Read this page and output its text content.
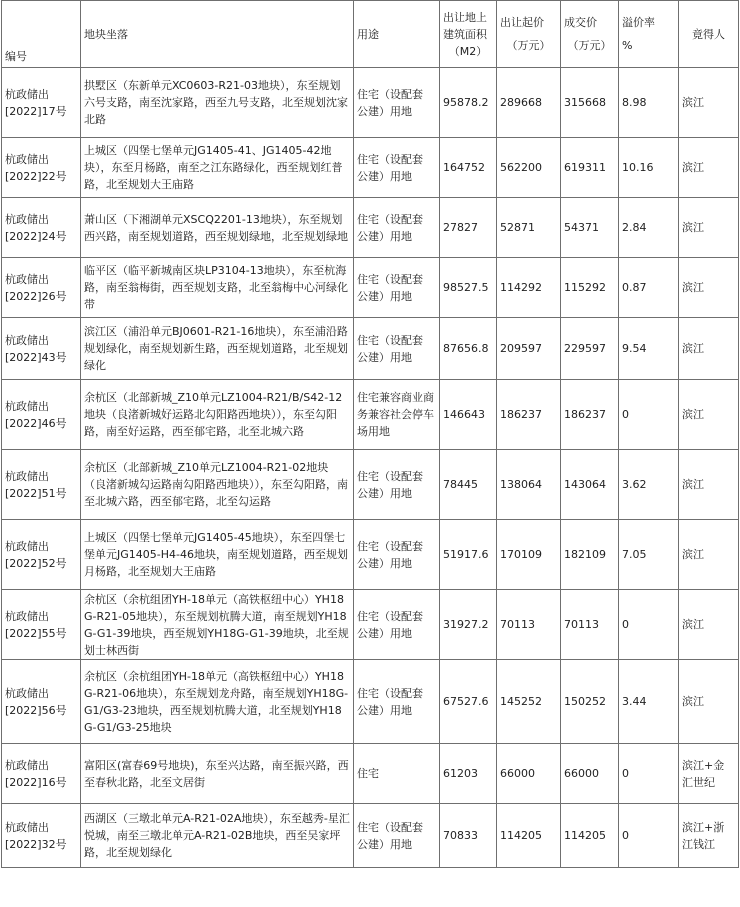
编号	地块坐落	用途	出让地上
建筑面积
（M2）	出让起价
（万元）	成交价
（万元）	溢价率
%	竟得人

杭政储出
[2022]17号	拱墅区（东新单元XC0603-R21-03地块），东至规划六号支路，南至沈家路，西至九号支路，北至规划沈家北路	住宅（设配套
公建）用地	95878.2	289668	315668	8.98	滨江

杭政储出
[2022]22号	上城区（四堡七堡单元JG1405-41、JG1405-42地块），东至月杨路，南至之江东路绿化，西至规划红普路，北至规划大王庙路	住宅（设配套
公建）用地	164752	562200	619311	10.16	滨江

杭政储出
[2022]24号	萧山区（下湘湖单元XSCQ2201-13地块），东至规划西兴路，南至规划道路，西至规划绿地，北至规划绿地	住宅（设配套
公建）用地	27827	52871	54371	2.84	滨江

杭政储出
[2022]26号	临平区（临平新城南区块LP3104-13地块），东至杭海路，南至翁梅街，西至规划支路，北至翁梅中心河绿化带	住宅（设配套
公建）用地	98527.5	114292	115292	0.87	滨江

杭政储出
[2022]43号	滨江区（浦沿单元BJ0601-R21-16地块），东至浦沿路规划绿化，南至规划新生路，西至规划道路，北至规划绿化	住宅（设配套
公建）用地	87656.8	209597	229597	9.54	滨江

杭政储出
[2022]46号	余杭区（北部新城_Z10单元LZ1004-R21/B/S42-12地块（良渚新城好运路北勾阳路西地块）），东至勾阳路，南至好运路，西至郁宅路，北至北城六路	住宅兼容商业商务兼容社会停车场用地	146643	186237	186237	0	滨江

杭政储出
[2022]51号	余杭区（北部新城_Z10单元LZ1004-R21-02地块（良渚新城勾运路南勾阳路西地块）），东至勾阳路，南至北城六路，西至郁宅路，北至勾运路	住宅（设配套
公建）用地	78445	138064	143064	3.62	滨江

杭政储出
[2022]52号	上城区（四堡七堡单元JG1405-45地块），东至四堡七堡单元JG1405-H4-46地块，南至规划道路，西至规划月杨路，北至规划大王庙路	住宅（设配套
公建）用地	51917.6	170109	182109	7.05	滨江

杭政储出
[2022]55号	余杭区（余杭组团YH-18单元（高铁枢纽中心）YH18G-R21-05地块），东至规划杭腾大道，南至规划YH18G-G1-39地块，西至规划YH18G-G1-39地块，北至规划士林西街	住宅（设配套
公建）用地	31927.2	70113	70113	0	滨江

杭政储出
[2022]56号	余杭区（余杭组团YH-18单元（高铁枢纽中心）YH18G-R21-06地块），东至规划龙舟路，南至规划YH18G-G1/G3-23地块，西至规划杭腾大道，北至规划YH18G-G1/G3-25地块	住宅（设配套
公建）用地	67527.6	145252	150252	3.44	滨江

杭政储出
[2022]16号	富阳区(富春69号地块)，东至兴达路，南至振兴路，西至春秋北路，北至文居街	住宅	61203	66000	66000	0	滨江+金汇世纪

杭政储出
[2022]32号	西湖区（三墩北单元A-R21-02A地块），东至越秀-星汇悦城，南至三墩北单元A-R21-02B地块，西至吴家坪路，北至规划绿化	住宅（设配套
公建）用地	70833	114205	114205	0	滨江+浙江钱江
